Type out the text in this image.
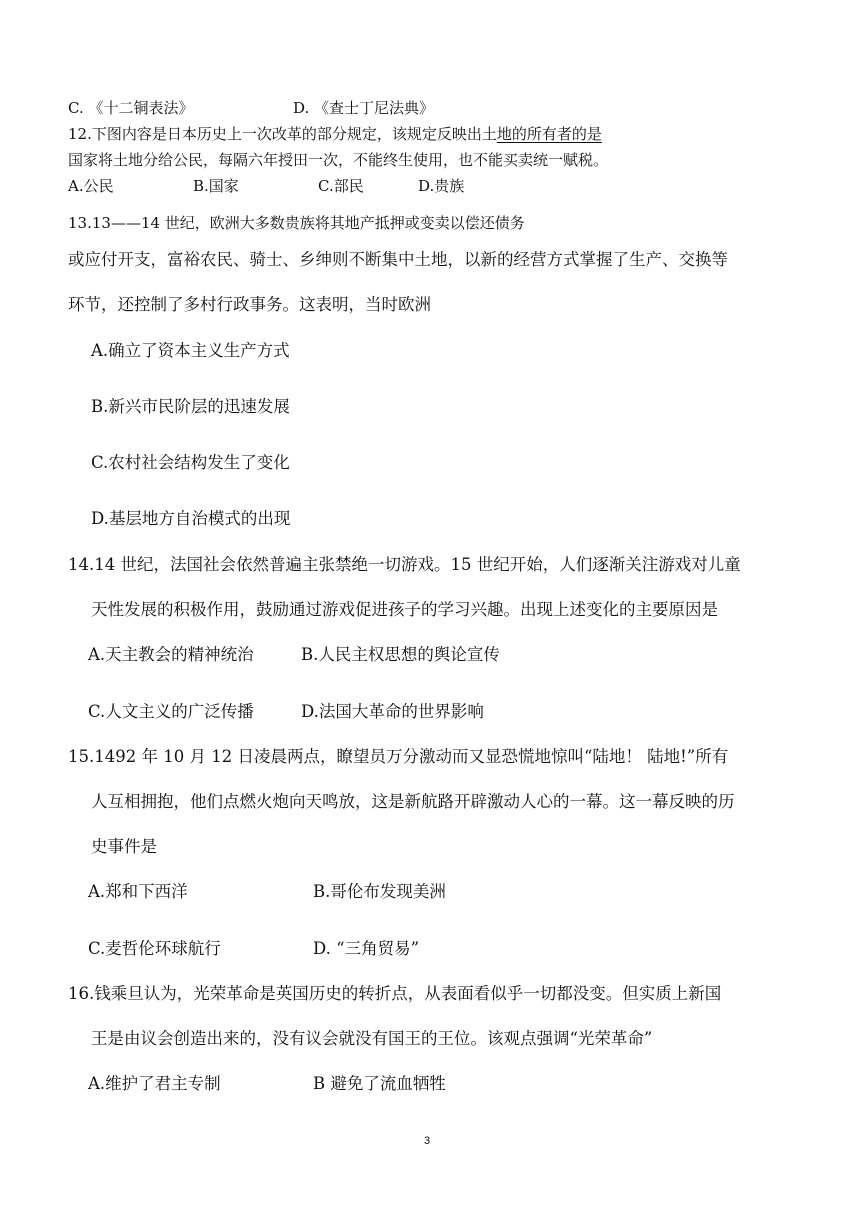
C. 《十二铜表法》	D. 《查士丁尼法典》
12.下图内容是日本历史上一次改革的部分规定，该规定反映出土地的所有者的是
国家将土地分给公民，每隔六年授田一次，不能终生使用，也不能买卖统一赋税。
A.公民	B.国家	C.部民	D.贵族
13.13——14 世纪，欧洲大多数贵族将其地产抵押或变卖以偿还债务
或应付开支，富裕农民、骑士、乡绅则不断集中土地，以新的经营方式掌握了生产、交换等
环节，还控制了多村行政事务。这表明，当时欧洲
A.确立了资本主义生产方式
B.新兴市民阶层的迅速发展
C.农村社会结构发生了变化
D.基层地方自治模式的出现
14.14 世纪，法国社会依然普遍主张禁绝一切游戏。15 世纪开始，人们逐渐关注游戏对儿童
天性发展的积极作用，鼓励通过游戏促进孩子的学习兴趣。出现上述变化的主要原因是
A.天主教会的精神统治	B.人民主权思想的舆论宣传
C.人文主义的广泛传播	D.法国大革命的世界影响
15.1492 年 10 月 12 日凌晨两点，瞭望员万分激动而又显恐慌地惊叫“陆地！ 陆地!”所有
人互相拥抱，他们点燃火炮向天鸣放，这是新航路开辟激动人心的一幕。这一幕反映的历
史事件是
A.郑和下西洋	B.哥伦布发现美洲
C.麦哲伦环球航行	D. “三角贸易”
16.钱乘旦认为，光荣革命是英国历史的转折点，从表面看似乎一切都没变。但实质上新国
王是由议会创造出来的，没有议会就没有国王的王位。该观点强调“光荣革命”
A.维护了君主专制	B 避免了流血牺牲
3
